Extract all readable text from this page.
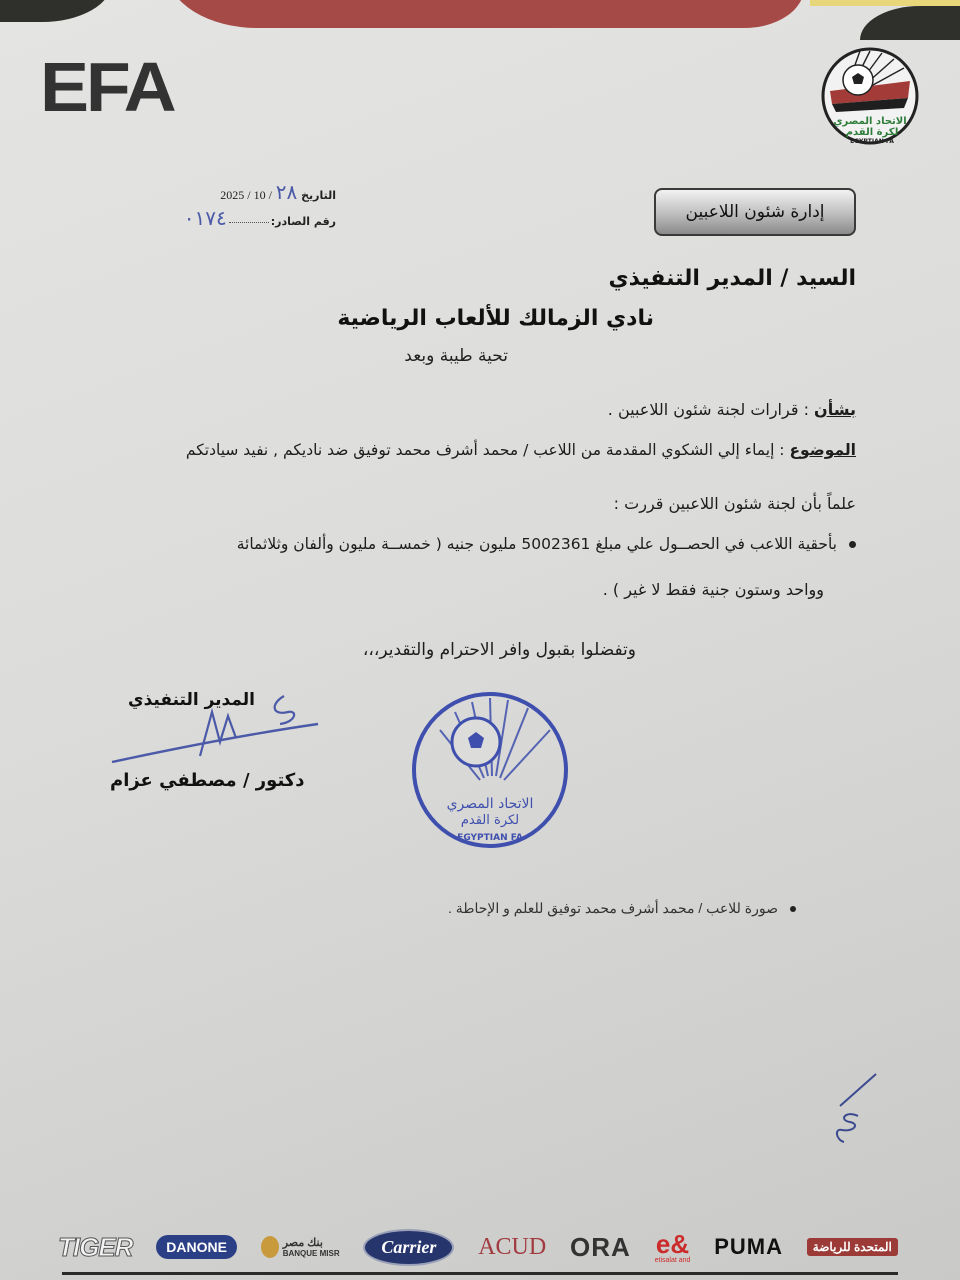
EFA	الاتحاد المصري
لكرة القدم
EGYPTIAN FA
التاريخ ٢٨ / 10 / 2025
رقم الصادر:٠١٧٤	إدارة شئون اللاعبين
السيد / المدير التنفيذي
نادي الزمالك للألعاب الرياضية
تحية طيبة وبعد
بشأن : قرارات لجنة شئون اللاعبين .
الموضوع : إيماء إلي الشكوي المقدمة من اللاعب / محمد أشرف محمد توفيق ضد ناديكم , نفيد سيادتكم
علماً بأن لجنة شئون اللاعبين قررت :
بأحقية اللاعب في الحصــول علي مبلغ 5002361 مليون جنيه ( خمســة مليون وألفان وثلاثمائة
وواحد وستون جنية فقط لا غير ) .
وتفضلوا بقبول وافر الاحترام والتقدير،،،
المدير التنفيذي
دكتور / مصطفي عزام
الاتحاد المصري
لكرة القدم
EGYPTIAN FA
صورة للاعب / محمد أشرف محمد توفيق للعلم و الإحاطة .
TIGER	DANONE	بنك مصر
BANQUE MISR	Carrier	ACUD ORA e&
etisalat and
PUMA	المتحدة للرياضة
